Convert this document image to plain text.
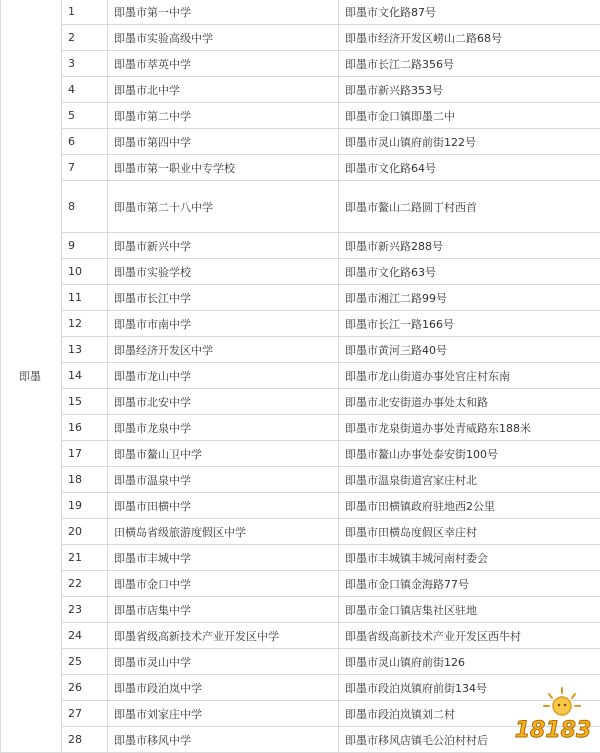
即墨	1	即墨市第一中学	即墨市文化路87号
	2	即墨市实验高级中学	即墨市经济开发区崂山二路68号
	3	即墨市萃英中学	即墨市长江二路356号
	4	即墨市北中学	即墨市新兴路353号
	5	即墨市第二中学	即墨市金口镇即墨二中
	6	即墨市第四中学	即墨市灵山镇府前街122号
	7	即墨市第一职业中专学校	即墨市文化路64号
	8	即墨市第二十八中学	即墨市鳌山二路圆丁村西首
	9	即墨市新兴中学	即墨市新兴路288号
	10	即墨市实验学校	即墨市文化路63号
	11	即墨市长江中学	即墨市湘江二路99号
	12	即墨市市南中学	即墨市长江一路166号
	13	即墨经济开发区中学	即墨市黄河三路40号
	14	即墨市龙山中学	即墨市龙山街道办事处官庄村东南
	15	即墨市北安中学	即墨市北安街道办事处太和路
	16	即墨市龙泉中学	即墨市龙泉街道办事处青威路东188米
	17	即墨市鳌山卫中学	即墨市鳌山办事处泰安街100号
	18	即墨市温泉中学	即墨市温泉街道宫家庄村北
	19	即墨市田横中学	即墨市田横镇政府驻地西2公里
	20	田横岛省级旅游度假区中学	即墨市田横岛度假区幸庄村
	21	即墨市丰城中学	即墨市丰城镇丰城河南村委会
	22	即墨市金口中学	即墨市金口镇金海路77号
	23	即墨市店集中学	即墨市金口镇店集社区驻地
	24	即墨省级高新技术产业开发区中学	即墨省级高新技术产业开发区西牛村
	25	即墨市灵山中学	即墨市灵山镇府前街126
	26	即墨市段泊岚中学	即墨市段泊岚镇府前街134号
	27	即墨市刘家庄中学	即墨市段泊岚镇刘二村
	28	即墨市移风中学	即墨市移风店镇毛公泊村村后 18183
